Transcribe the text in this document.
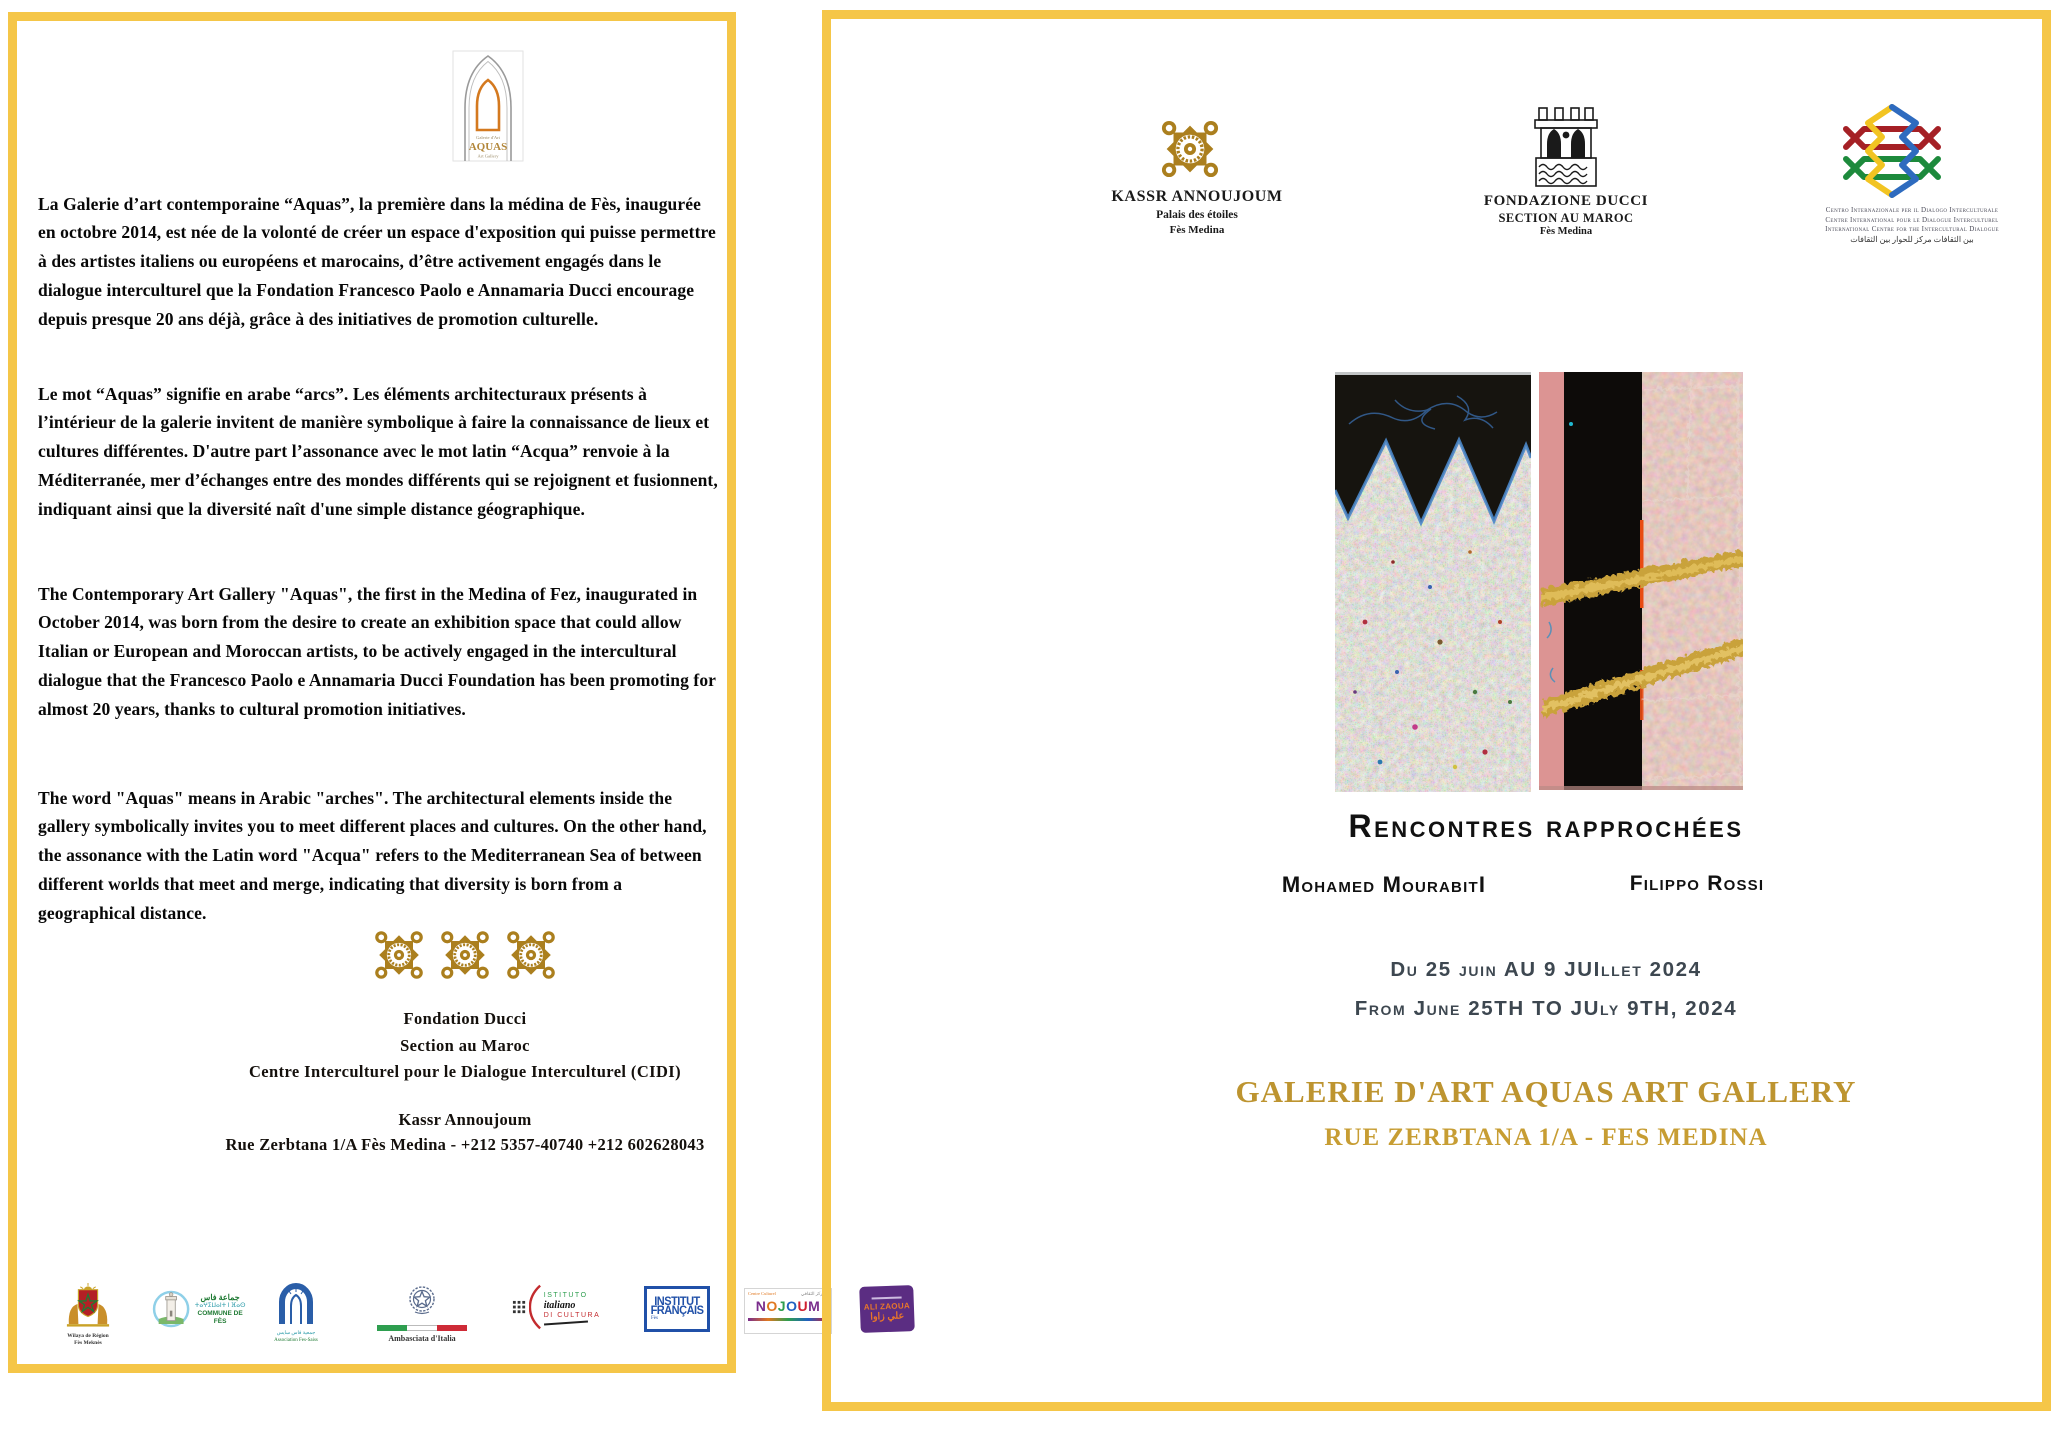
Galerie d'Art
AQUAS
Art Gallery

La Galerie d’art contemporaine “Aquas”, la première dans la médina de Fès, inaugurée en octobre 2014, est née de la volonté de créer un espace d'exposition qui puisse permettre à des artistes italiens ou européens et marocains, d’être activement engagés dans le dialogue interculturel que la Fondation Francesco Paolo e Annamaria Ducci encourage depuis presque 20 ans déjà, grâce à des initiatives de promotion culturelle.

Le mot “Aquas” signifie en arabe “arcs”. Les éléments architecturaux présents à l’intérieur de la galerie invitent de manière symbolique à faire la connaissance de lieux et cultures différentes. D'autre part l’assonance avec le mot latin “Acqua” renvoie à la Méditerranée, mer d’échanges entre des mondes différents qui se rejoignent et fusionnent, indiquant ainsi que la diversité naît d'une simple distance géographique.

The Contemporary Art Gallery "Aquas", the first in the Medina of Fez, inaugurated in October 2014, was born from the desire to create an exhibition space that could allow Italian or European and Moroccan artists, to be actively engaged in the intercultural dialogue that the Francesco Paolo e Annamaria Ducci Foundation has been promoting for almost 20 years, thanks to cultural promotion initiatives.

The word "Aquas" means in Arabic "arches". The architectural elements inside the gallery symbolically invites you to meet different places and cultures. On the other hand, the assonance with the Latin word "Acqua" refers to the Mediterranean Sea of between different worlds that meet and merge, indicating that diversity is born from a geographical distance.

Fondation Ducci
Section au Maroc
Centre Interculturel pour le Dialogue Interculturel (CIDI)
Kassr Annoujoum
Rue Zerbtana 1/A Fès Medina - +212 5357-40740 +212 602628043
Wilaya de Région
Fès Meknès
جماعة فاس
ⵜⴰⵖⵉⵡⴰⵏⵜ ⵏ ⴼⴰⵙ
COMMUNE DE FÈS
جمعية فاس سايس
Association Fes-Saiss	Ambasciata d'Italia
ISTITUTO
italiano
DI CULTURA
INSTITUT
FRANÇAIS
Fès
Centre Culturel	المركز الثقافي
NOJOUM	ALI ZAOUA
علي زاوا
KASSR ANNOUJOUM
Palais des étoiles
Fès Medina
FONDAZIONE DUCCI
SECTION AU MAROC
Fès Medina
Centro Internazionale per il Dialogo Interculturale
Centre International pour le Dialogue Interculturel
International Centre for the Intercultural Dialogue
بين الثقافات مركز للحوار بين الثقافات
Rencontres rapprochées
Mohamed MourabitI	Filippo Rossi
Du 25 juin AU 9 JUIllet 2024
From June 25TH TO JUly 9TH, 2024
GALERIE D'ART AQUAS ART GALLERY
RUE ZERBTANA 1/A - FES MEDINA
